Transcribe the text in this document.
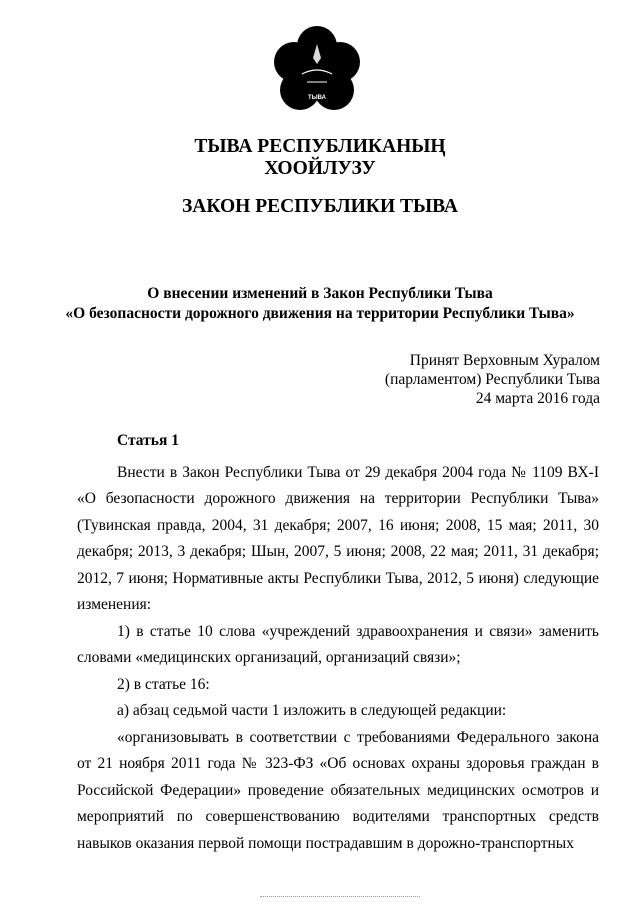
ТЫВА
ТЫВА РЕСПУБЛИКАНЫҢ
ХООЙЛУЗУ
ЗАКОН РЕСПУБЛИКИ ТЫВА
О внесении изменений в Закон Республики Тыва
«О безопасности дорожного движения на территории Республики Тыва»
Принят Верховным Хуралом
(парламентом) Республики Тыва
24 марта 2016 года

Статья 1

Внести в Закон Республики Тыва от 29 декабря 2004 года № 1109 ВХ-I «О безопасности дорожного движения на территории Республики Тыва» (Тувинская правда, 2004, 31 декабря; 2007, 16 июня; 2008, 15 мая; 2011, 30 декабря; 2013, 3 декабря; Шын, 2007, 5 июня; 2008, 22 мая; 2011, 31 декабря; 2012, 7 июня; Нормативные акты Республики Тыва, 2012, 5 июня) следующие изменения:

1) в статье 10 слова «учреждений здравоохранения и связи» заменить словами «медицинских организаций, организаций связи»;

2) в статье 16:

а) абзац седьмой части 1 изложить в следующей редакции:

«организовывать в соответствии с требованиями Федерального закона от 21 ноября 2011 года № 323-ФЗ «Об основах охраны здоровья граждан в Российской Федерации» проведение обязательных медицинских осмотров и мероприятий по совершенствованию водителями транспортных средств навыков оказания первой помощи пострадавшим в дорожно-транспортных
